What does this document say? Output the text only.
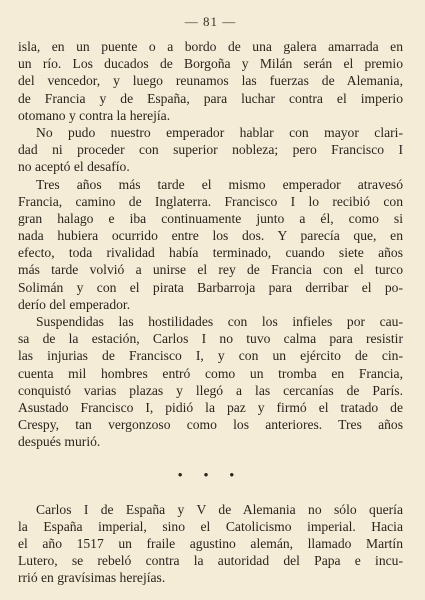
— 81 —
isla, en un puente o a bordo de una galera amarrada en
un río. Los ducados de Borgoña y Milán serán el premio
del vencedor, y luego reunamos las fuerzas de Alemania,
de Francia y de España, para luchar contra el imperio
otomano y contra la herejía.
No pudo nuestro emperador hablar con mayor clari-
dad ni proceder con superior nobleza; pero Francisco I
no aceptó el desafío.
Tres años más tarde el mismo emperador atravesó
Francia, camino de Inglaterra. Francisco I lo recibió con
gran halago e iba continuamente junto a él, como si
nada hubiera ocurrido entre los dos. Y parecía que, en
efecto, toda rivalidad había terminado, cuando siete años
más tarde volvió a unirse el rey de Francia con el turco
Solimán y con el pirata Barbarroja para derribar el po-
derío del emperador.
Suspendidas las hostilidades con los infieles por cau-
sa de la estación, Carlos I no tuvo calma para resistir
las injurias de Francisco I, y con un ejército de cin-
cuenta mil hombres entró como un tromba en Francia,
conquistó varias plazas y llegó a las cercanías de París.
Asustado Francisco I, pidió la paz y firmó el tratado de
Crespy, tan vergonzoso como los anteriores. Tres años
después murió.
• • •
Carlos I de España y V de Alemania no sólo quería
la España imperial, sino el Catolicismo imperial. Hacia
el año 1517 un fraile agustino alemán, llamado Martín
Lutero, se rebeló contra la autoridad del Papa e incu-
rrió en gravísimas herejías.
